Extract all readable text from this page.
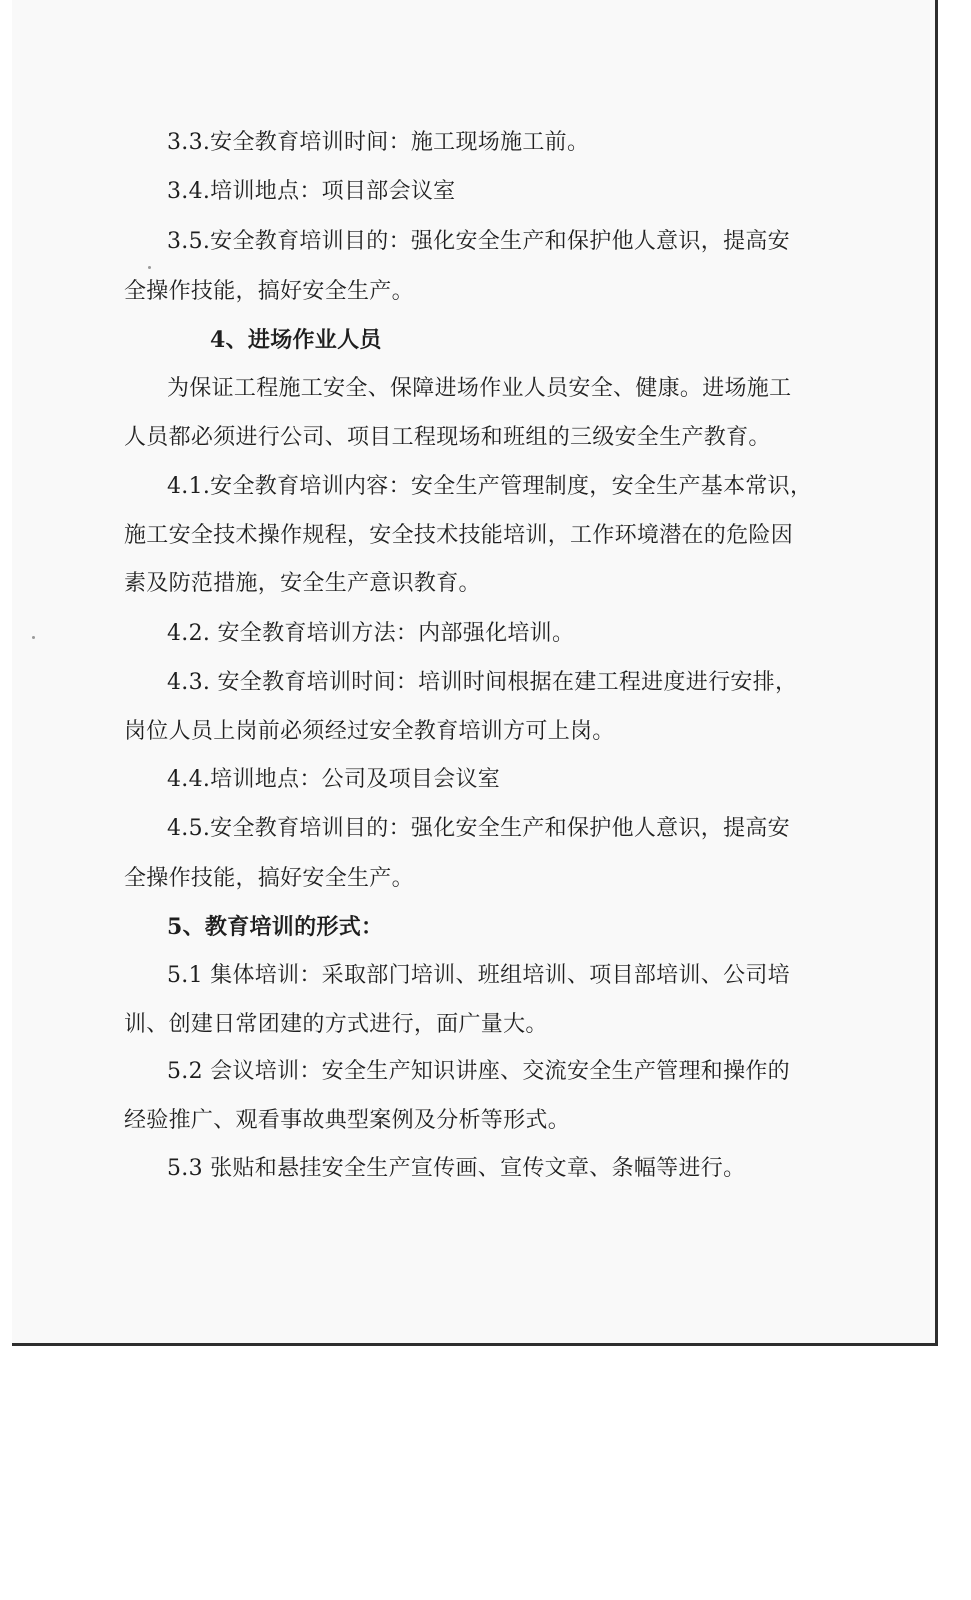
3.3.安全教育培训时间：施工现场施工前。
3.4.培训地点：项目部会议室
3.5.安全教育培训目的：强化安全生产和保护他人意识，提高安
全操作技能，搞好安全生产。
4、进场作业人员
为保证工程施工安全、保障进场作业人员安全、健康。进场施工
人员都必须进行公司、项目工程现场和班组的三级安全生产教育。
4.1.安全教育培训内容：安全生产管理制度，安全生产基本常识，
施工安全技术操作规程，安全技术技能培训，工作环境潜在的危险因
素及防范措施，安全生产意识教育。
4.2. 安全教育培训方法：内部强化培训。
4.3. 安全教育培训时间：培训时间根据在建工程进度进行安排，
岗位人员上岗前必须经过安全教育培训方可上岗。
4.4.培训地点：公司及项目会议室
4.5.安全教育培训目的：强化安全生产和保护他人意识，提高安
全操作技能，搞好安全生产。
5、教育培训的形式：
5.1 集体培训：采取部门培训、班组培训、项目部培训、公司培
训、创建日常团建的方式进行，面广量大。
5.2 会议培训：安全生产知识讲座、交流安全生产管理和操作的
经验推广、观看事故典型案例及分析等形式。
5.3 张贴和悬挂安全生产宣传画、宣传文章、条幅等进行。
